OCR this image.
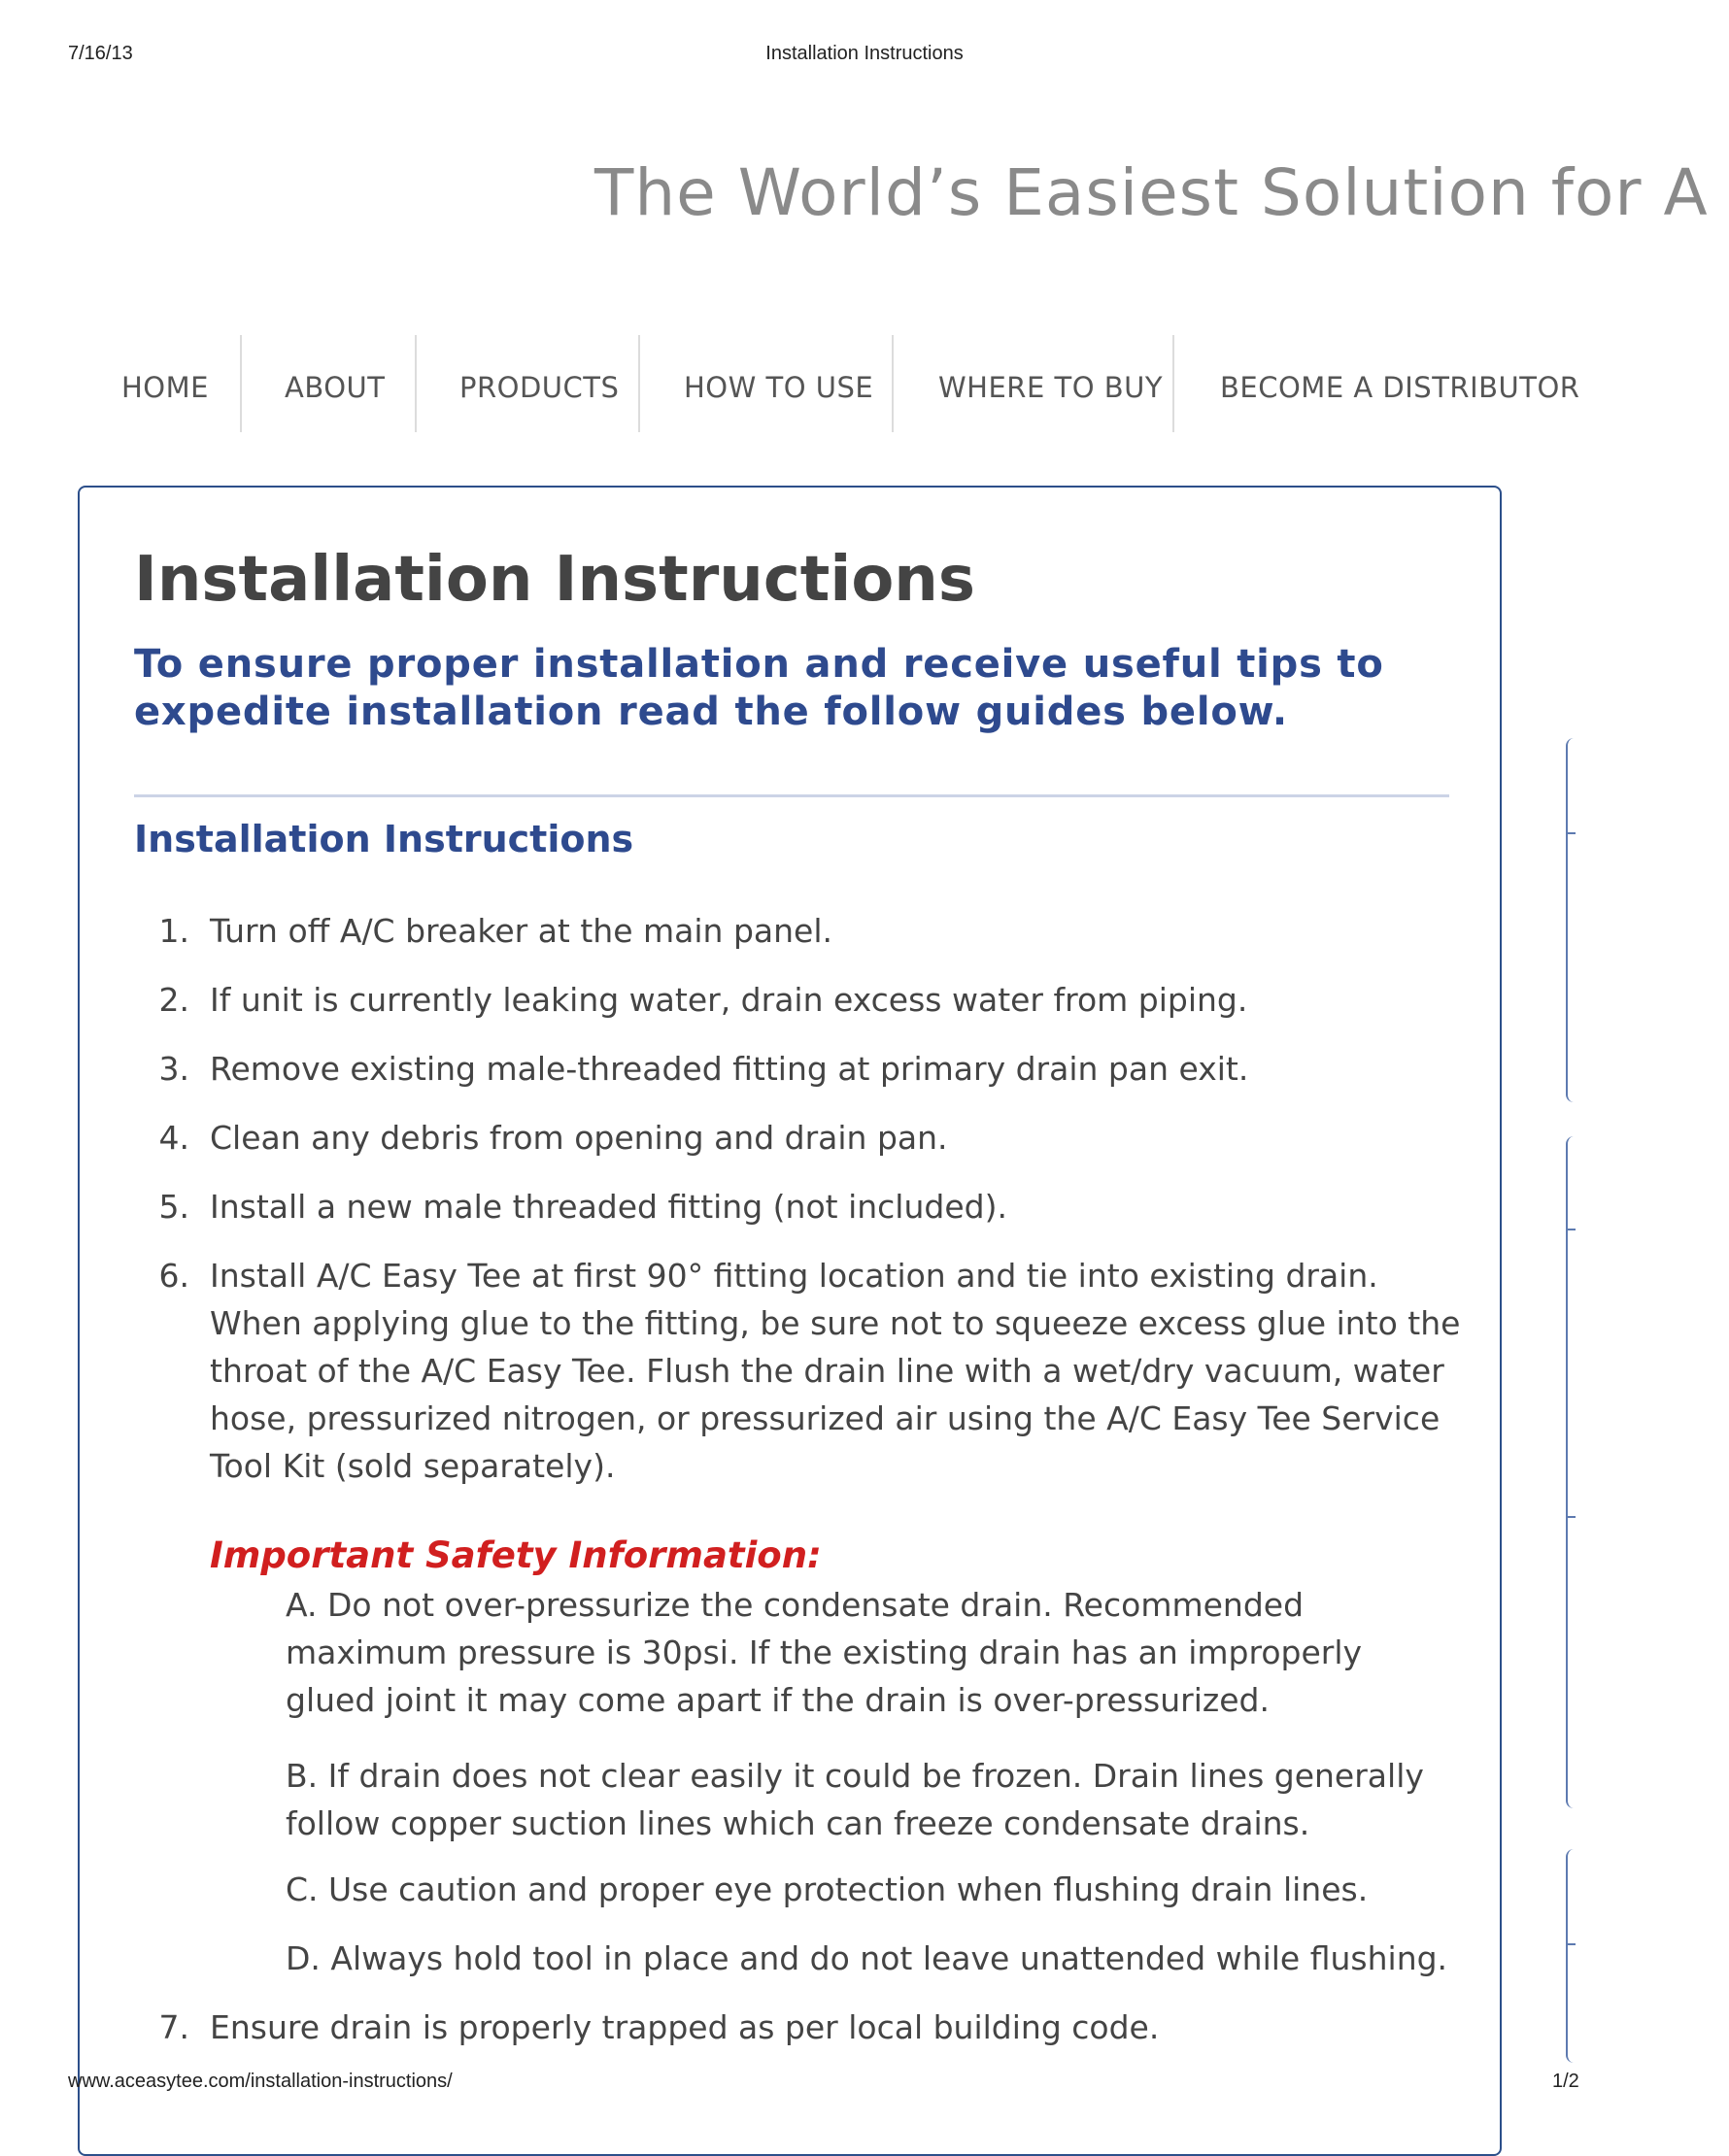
7/16/13	Installation Instructions
The World’s Easiest Solution for A
HOME	ABOUT	PRODUCTS HOW TO USE WHERE TO BUY BECOME A DISTRIBUTOR
Installation Instructions
To ensure proper installation and receive useful tips to expedite installation read the follow guides below.
Installation Instructions
1. Turn off A/C breaker at the main panel.
2. If unit is currently leaking water, drain excess water from piping.
3. Remove existing male-threaded fitting at primary drain pan exit.
4. Clean any debris from opening and drain pan.
5. Install a new male threaded fitting (not included).
6. Install A/C Easy Tee at first 90° fitting location and tie into existing drain. When applying glue to the fitting, be sure not to squeeze excess glue into the throat of the A/C Easy Tee. Flush the drain line with a wet/dry vacuum, water hose, pressurized nitrogen, or pressurized air using the A/C Easy Tee Service Tool Kit (sold separately).
7. Ensure drain is properly trapped as per local building code.
Important Safety Information:
A. Do not over-pressurize the condensate drain. Recommended maximum pressure is 30psi. If the existing drain has an improperly glued joint it may come apart if the drain is over-pressurized.
B. If drain does not clear easily it could be frozen. Drain lines generally follow copper suction lines which can freeze condensate drains.
C. Use caution and proper eye protection when flushing drain lines.
D. Always hold tool in place and do not leave unattended while flushing.
www.aceasytee.com/installation-instructions/	1/2
